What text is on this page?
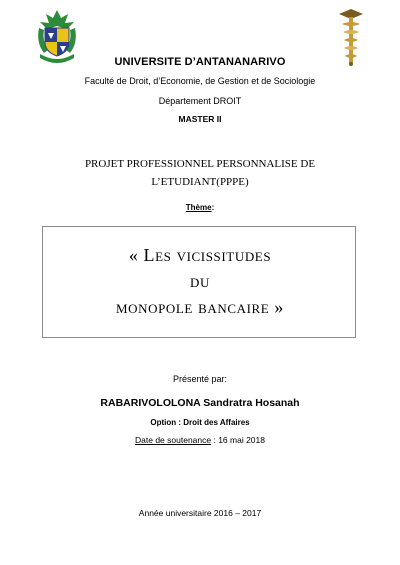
UNIVERSITE D’ANTANANARIVO
Faculté de Droit, d’Economie, de Gestion et de Sociologie
Département DROIT
MASTER II
PROJET PROFESSIONNEL PERSONNALISE DE
L’ETUDIANT(PPPE)
Thème:
« Les vicissitudes
du
monopole bancaire »
Présenté par:
RABARIVOLOLONA Sandratra Hosanah
Option : Droit des Affaires
Date de soutenance : 16 mai 2018
Année universitaire 2016 – 2017
